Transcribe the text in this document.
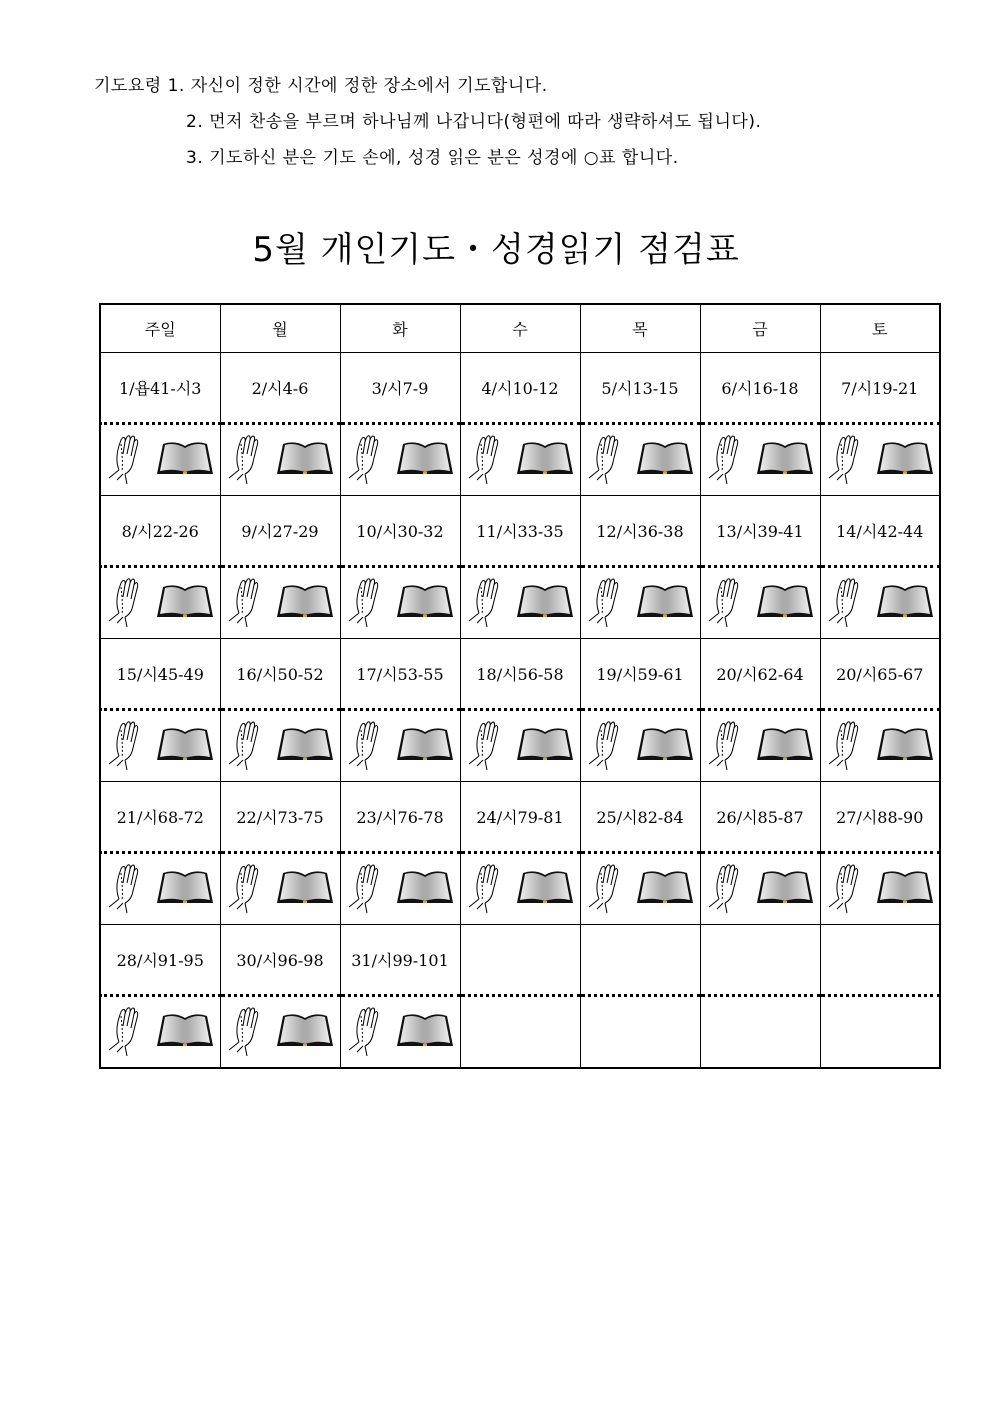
기도요령 1. 자신이 정한 시간에 정한 장소에서 기도합니다.
2. 먼저 찬송을 부르며 하나님께 나갑니다(형편에 따라 생략하셔도 됩니다).
3. 기도하신 분은 기도 손에, 성경 읽은 분은 성경에 ○표 합니다.
5월 개인기도・성경읽기 점검표
주일	월	화	수	목	금	토
1/욥41-시3	2/시4-6	3/시7-9	4/시10-12	5/시13-15	6/시16-18	7/시19-21

8/시22-26	9/시27-29	10/시30-32	11/시33-35	12/시36-38	13/시39-41	14/시42-44

15/시45-49	16/시50-52	17/시53-55	18/시56-58	19/시59-61	20/시62-64	20/시65-67

21/시68-72	22/시73-75	23/시76-78	24/시79-81	25/시82-84	26/시85-87	27/시88-90

28/시91-95	30/시96-98	31/시99-101				
